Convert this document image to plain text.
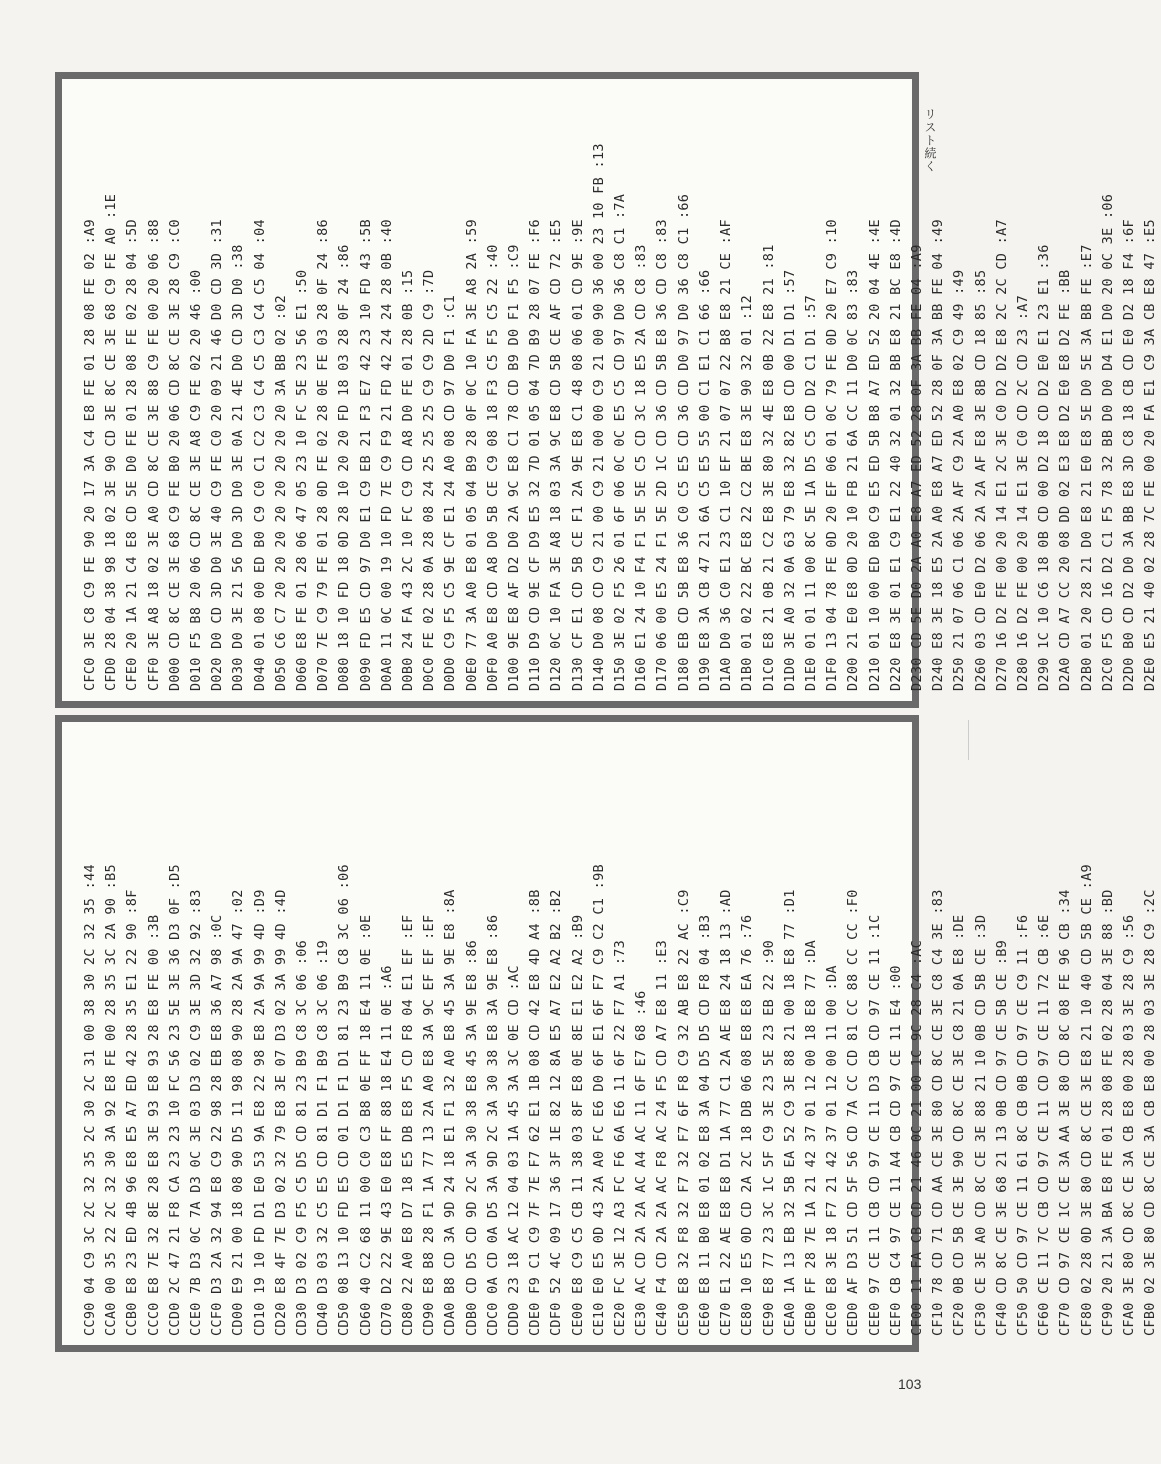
CFC0 3E C8 C9 FE 90 20 17 3A C4 E8 FE 01 28 08 FE 02 :A9 CFD0 28 04 38 98 18 02 3E 90 CD 3E 8C CE 3E 68 C9 FE A0 :1E CFE0 20 1A 21 C4 E8 CD 5E D0 FE 01 28 08 FE 02 28 04 :5D CFF0 3E A8 18 02 3E A0 CD 8C CE 3E 88 C9 FE 00 20 06 :88 D000 CD 8C CE 3E 68 C9 FE B0 20 06 CD 8C CE 3E 28 C9 :C0 D010 F5 B8 20 06 CD 8C CE 3E A8 C9 FE 02 20 46 :00 D020 D0 CD 3D D0 3E 40 C9 FE C0 20 09 21 46 D0 CD 3D :31 D030 D0 3E 21 56 D0 3D D0 3E 0A 21 4E D0 CD 3D D0 :38 D040 01 08 00 ED B0 C9 C0 C1 C2 C3 C4 C5 C3 C4 C5 04 :04 D050 C6 C7 20 20 20 20 20 20 20 20 3A BB 02 :02 D060 E8 FE 01 28 06 47 05 23 10 FC 5E 23 56 E1 :50 D070 7E C9 79 FE 01 28 0D FE 02 28 0E FE 03 28 0F 24 :86 D080 18 10 FD 18 0D 28 10 20 20 FD 18 03 28 0F 24 :86 D090 FD E5 CD 97 D0 E1 C9 EB 21 F3 E7 42 23 10 FD 43 :5B D0A0 11 0C 00 19 10 FD 7E C9 F9 21 FD 42 24 24 28 0B :40 D0B0 24 FA 43 2C 10 FC C9 CD A8 D0 FE 01 28 0B :15 D0C0 FE 02 28 0A 28 08 24 25 25 25 C9 C9 2D C9 :7D D0D0 C9 F5 C5 9E CF E1 24 A0 08 CD 97 D0 F1 :C1 D0E0 77 3A A0 E8 01 05 04 B9 28 0F 0C 10 FA 3E A8 2A :59 D0F0 A0 E8 CD A8 D0 5B CE C9 08 18 F3 C5 F5 C5 22 :40 D100 9E E8 AF D2 D0 2A 9C E8 C1 78 CD B9 D0 F1 F5 :C9 D110 D9 CD 9E CF D9 E5 32 7D 01 05 04 7D B9 28 07 FE :F6 D120 0C 10 FA 3E A8 18 03 3A 9C E8 CD 5B CE AF CD 72 :E5 D130 CF E1 CD 5B CE F1 2A 9E E8 C1 48 08 06 01 CD 9E :9E D140 D0 08 CD C9 21 00 C9 21 00 00 C9 21 00 90 36 00 23 10 FB :13 D150 3E 02 F5 26 01 6F 06 0C 0C E5 C5 CD 97 D0 36 C8 C1 :7A D160 E1 24 10 F4 F1 5E 5E C5 CD 3C 18 E5 2A CD C8 :83 D170 06 00 E5 24 F1 5E 2D 1C CD 36 CD 5B E8 36 CD C8 :83 D180 EB CD 5B E8 36 C0 C5 E5 CD 36 CD D0 97 D0 36 C8 C1 :66 D190 E8 3A CB 47 21 6A C5 E5 55 00 C1 E1 C1 66 :66 D1A0 D0 36 C0 E1 23 C1 10 EF 21 07 07 22 B8 E8 21 CE :AF D1B0 01 02 22 BC E8 22 C2 BE E8 3E 90 32 01 :12 D1C0 E8 21 0B 21 C2 E8 3E 80 32 4E E8 0B 22 E8 21 :81 D1D0 3E A0 32 0A 63 79 E8 32 82 E8 CD 00 D1 D1 :57 D1E0 01 01 11 00 8C 5E 1A D5 C5 CD D2 C1 D1 :57 D1F0 13 04 78 FE 0D 20 EF 06 01 0C 79 FE 0D 20 E7 C9 :10 D200 21 E0 E8 0D 20 10 FB 21 6A CC 11 D0 0C 83 :83 D210 01 10 00 ED B0 C9 E5 ED 5B B8 A7 ED 52 20 04 4E :4E D220 E8 3E 01 E1 C9 E1 22 40 32 01 32 BB E8 21 BC E8 :4D D230 CD 5E D0 2A A0 E8 A7 ED 52 28 0F 3A BB FE 04 :A9 D240 E8 3E 18 E5 2A A0 E8 A7 ED 52 28 0F 3A BB FE 04 :49 D250 21 07 06 C1 06 2A AF C9 2A A0 E8 02 C9 49 :49 D260 03 CD E0 D2 06 2A 2A AF E8 3E 8B CD 18 85 :85 D270 16 D2 FE 00 20 14 E1 2C 3E C0 D2 D2 E8 2C 2C CD :A7 D280 16 D2 FE 00 20 14 E1 3E C0 CD 2C CD 23 :A7 D290 1C 10 C6 18 0B CD 00 D2 18 CD D2 E0 E1 23 E1 :36 D2A0 CD A7 CC 20 08 DD 02 E3 E8 D2 E0 E8 D2 FE :BB D2B0 01 20 28 21 D0 E8 21 E0 E8 5E D0 5E 3A BB FE :E7 D2C0 F5 CD 16 D2 C1 F5 78 32 BB D0 D0 D4 E1 D0 20 0C 3E :06 D2D0 B0 CD D2 D0 3A BB E8 3D C8 18 CB CD E0 D2 18 F4 :6F D2E0 E5 21 40 02 28 7C FE 00 20 FA E1 C9 3A CB E8 47 :E5
CC90 04 C9 3C 2C 32 35 2C 30 2C 31 00 38 30 2C 32 35 :44 CCA0 00 35 22 2C 32 30 3A 92 E8 FE 00 28 35 3C 2A 90 :B5 CCB0 E8 23 ED 4B 96 E8 E5 A7 ED 42 28 35 E1 22 90 :8F CCC0 E8 7E 32 8E 28 E8 3E 93 E8 93 28 E8 FE 00 :3B CCD0 2C 47 21 F8 CA 23 23 10 FC 56 23 5E 3E 36 D3 0F :D5 CCE0 7B D3 0C 7A D3 0C 3E 03 D3 02 C9 3E 3D 32 92 :83 CCF0 D3 2A 32 94 E8 C9 22 98 28 EB E8 36 A7 98 :0C CD00 E9 21 00 18 08 90 D5 11 98 08 90 28 2A 9A 47 :02 CD10 19 10 FD D1 E0 53 9A E8 22 98 E8 2A 9A 99 4D :D9 CD20 E8 4F 7E D3 02 32 79 E8 3E 07 D3 02 3A 99 4D :4D CD30 D3 02 C9 F5 C5 D5 CD 81 23 B9 C8 3C 06 :06 CD40 D3 03 32 C5 E5 CD 81 D1 F1 B9 C8 3C 06 :19 CD50 08 13 10 FD E5 CD 01 D1 F1 D1 81 23 B9 C8 3C 06 :06 CD60 40 C2 68 11 00 C0 C3 B8 0E FF 18 E4 11 0E :0E CD70 D2 22 9E 43 E0 E8 FF 88 18 E4 11 0E :A6 CD80 22 A0 E8 D7 18 E5 DB E8 F5 CD F8 04 E1 EF :EF CD90 E8 B8 28 F1 1A 77 13 2A A0 E8 3A 9C EF EF :EF CDA0 B8 CD 3A 9D 24 18 E1 F1 32 A0 E8 45 3A 9E E8 :8A CDB0 CD D5 CD 9D 2C 3A 30 38 E8 45 3A 9E E8 :86 CDC0 0A CD 0A D5 3A 9D 2C 3A 30 38 E8 3A 9E E8 :86 CDD0 23 18 AC 12 04 03 1A 45 3A 3C 0E CD :AC CDE0 F9 C1 C9 7F 7E F7 62 E1 1B 08 CD 42 E8 4D A4 :8B CDF0 52 4C 09 17 36 3F 1E 82 12 8A E5 A7 E2 A2 B2 :B2 CE00 E8 C9 C5 CB 11 38 03 8F E8 0E 8E E1 E2 A2 :B9 CE10 E0 E5 0D 43 2A A0 FC E6 D0 6F E1 6F F7 C9 C2 C1 :9B CE20 FC 3E 12 A3 FC F6 6A E6 11 6F 22 F7 A1 :73 CE30 AC CD 2A 2A AC A4 AC 11 6F E7 68 :46 CE40 F4 CD 2A 2A AC F8 AC 24 F5 CD A7 E8 11 :E3 CE50 E8 32 F8 32 F7 32 F7 6F F8 C9 32 AB E8 22 AC :C9 CE60 E8 11 B0 E8 01 02 E8 3A 04 D5 D5 CD F8 04 :B3 CE70 E1 22 AE E8 E8 D1 1A 77 C1 2A AE E8 24 18 13 :AD CE80 10 E5 0D CD 2A 2C 18 DB 06 08 E8 E8 EA 76 :76 CE90 E8 77 23 3C 1C 5F C9 3E 23 5E 23 EB 22 :90 CEA0 1A 13 EB 32 5B EA 52 C9 3E 88 21 00 18 E8 77 :D1 CEB0 FF 28 7E 1A 21 42 37 01 12 00 18 E8 77 :DA CEC0 E8 3E 18 F7 21 42 37 01 12 00 11 00 :DA CED0 AF D3 51 CD 5F 56 CD 7A CC CD 81 CC 88 CC CC :F0 CEE0 97 CE 11 CB CD 97 CE 11 D3 CB CD 97 CE 11 :1C CEF0 CB C4 97 CE 11 A4 CB CD 97 CE 11 E4 :00 CF00 11 FA CB CD 21 46 0C 21 00 1C 9C 28 C4 :AC CF10 78 CD 71 CD AA CE 3E 80 CD 8C CE 3E C8 C4 3E :83 CF20 0B CD 5B CE 3E 90 CD 8C CE 3E C8 21 0A E8 :DE CF30 CE 3E A0 CD 8C CE 3E 88 21 10 0B CD 5B CE :3D CF40 CD 8C CE 3E 68 21 13 0B CD 97 CE 5B CE :B9 CF50 50 CD 97 CE 11 61 8C CB 0B CD 97 CE C9 11 :F6 CF60 CE 11 7C CB CD 97 CE 11 CD 97 CE 11 72 CB :6E CF70 CD 97 CE 1C CE 3A AA 3E 80 CD 8C 08 FE 96 CB :34 CF80 02 28 0D 3E 80 CD 8C CE 3E E8 21 10 40 CD 5B CE :A9 CF90 20 21 3A BA E8 FE 01 28 08 FE 02 28 04 3E 88 :BD CFA0 3E 80 CD 8C CE 3A CB E8 00 28 03 3E 28 C9 :56 CFB0 02 3E 80 CD 8C CE 3A CB E8 00 28 03 3E 28 C9 :2C
リスト続く
103
